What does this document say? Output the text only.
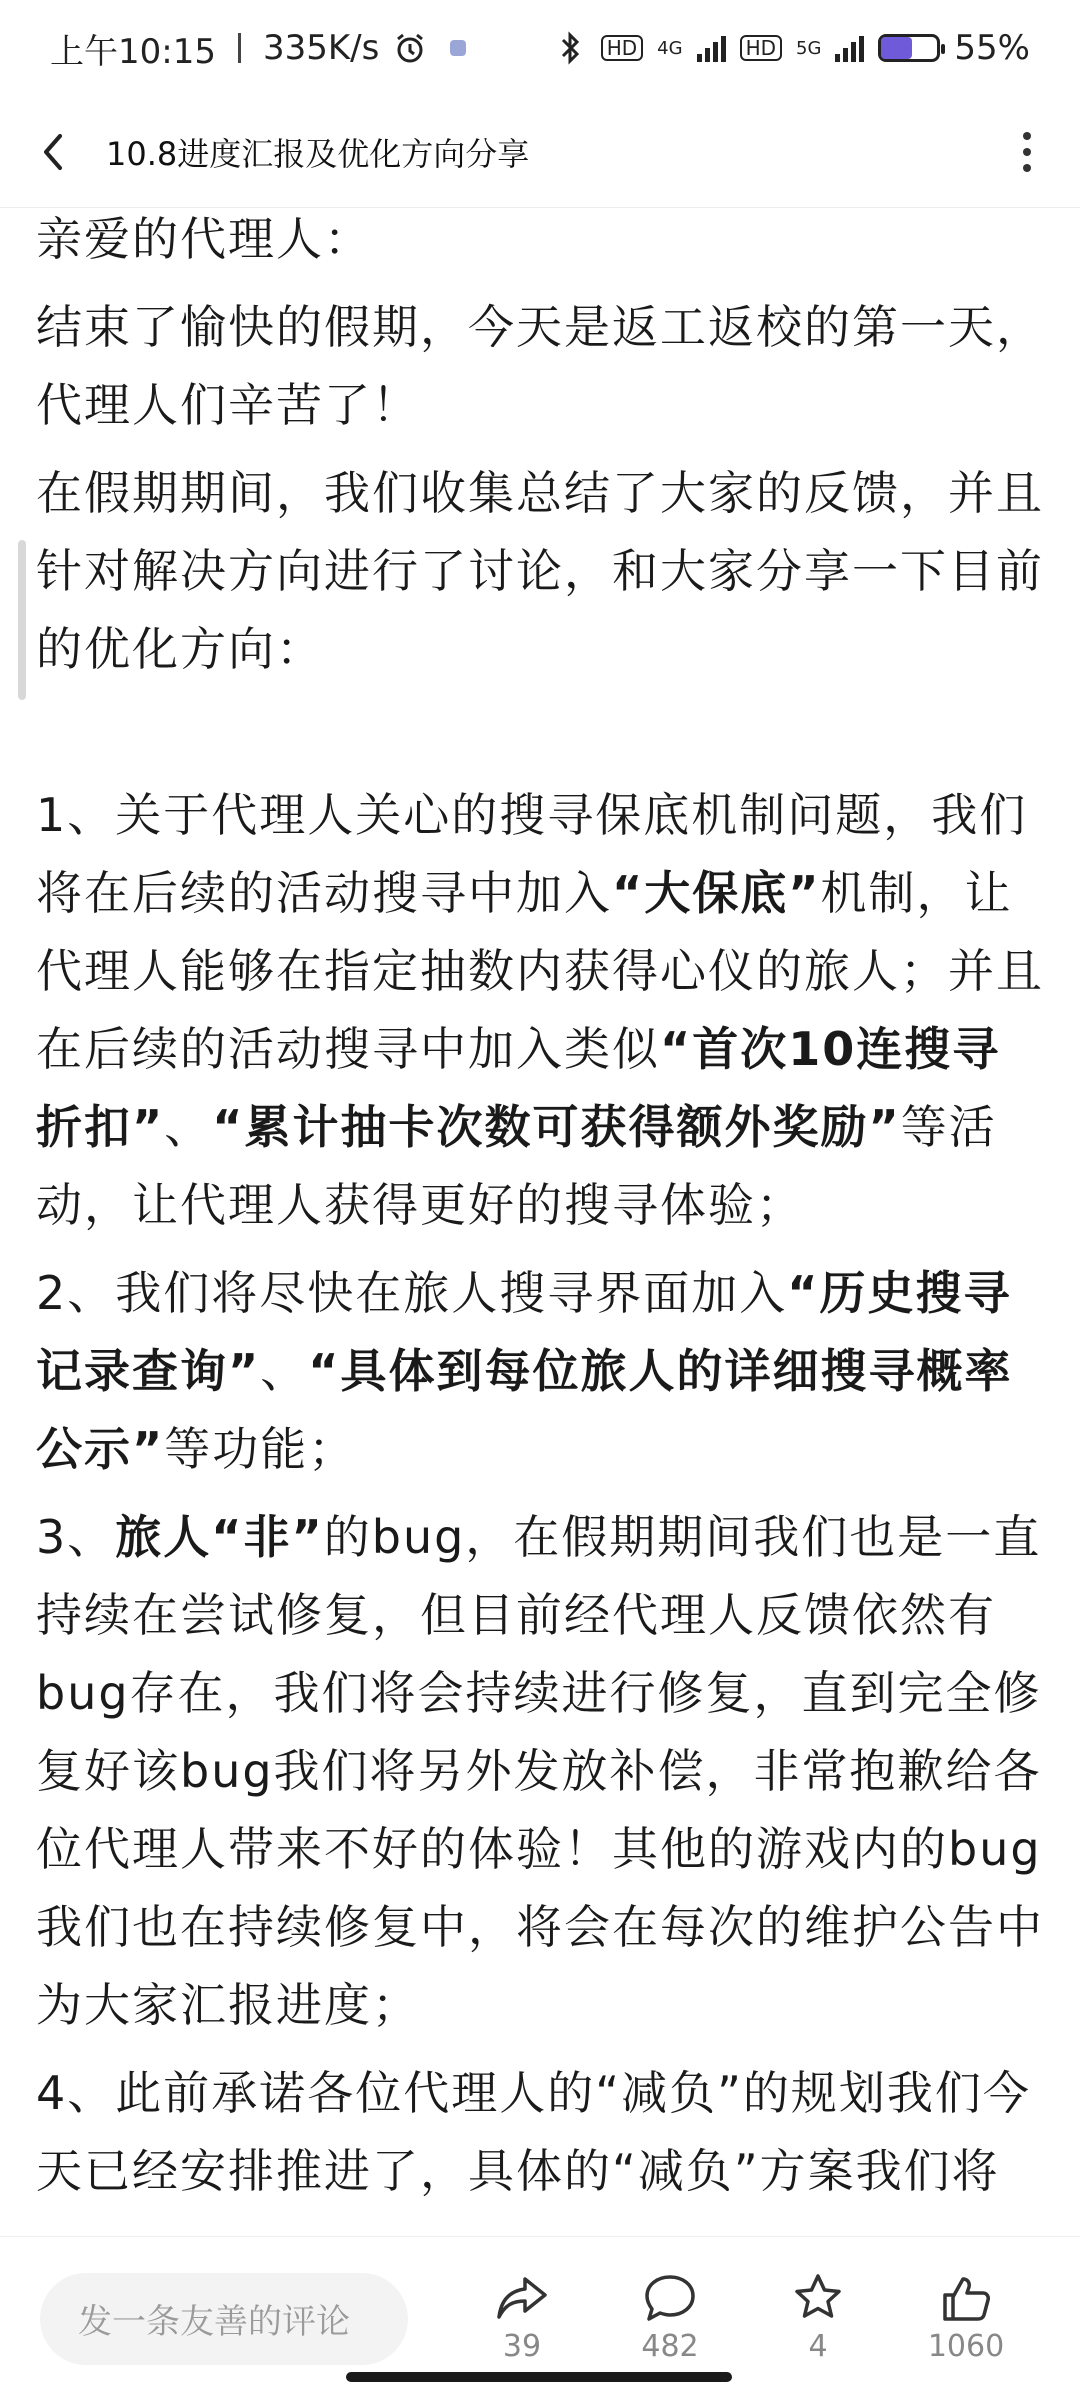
上午10:15 335K/s	HD	4G	HD	5G	55%
10.8进度汇报及优化方向分享

亲爱的代理人：

结束了愉快的假期，今天是返工返校的第一天，代理人们辛苦了！

在假期期间，我们收集总结了大家的反馈，并且针对解决方向进行了讨论，和大家分享一下目前的优化方向：

1、关于代理人关心的搜寻保底机制问题，我们将在后续的活动搜寻中加入“大保底”机制，让代理人能够在指定抽数内获得心仪的旅人；并且在后续的活动搜寻中加入类似“首次10连搜寻折扣”、“累计抽卡次数可获得额外奖励”等活动，让代理人获得更好的搜寻体验；

2、我们将尽快在旅人搜寻界面加入“历史搜寻记录查询”、“具体到每位旅人的详细搜寻概率公示”等功能；

3、旅人“非”的bug，在假期期间我们也是一直持续在尝试修复，但目前经代理人反馈依然有bug存在，我们将会持续进行修复，直到完全修复好该bug我们将另外发放补偿，非常抱歉给各位代理人带来不好的体验！其他的游戏内的bug我们也在持续修复中，将会在每次的维护公告中为大家汇报进度；

4、此前承诺各位代理人的“减负”的规划我们今天已经安排推进了，具体的“减负”方案我们将

发一条友善的评论
39	482	4	1060
